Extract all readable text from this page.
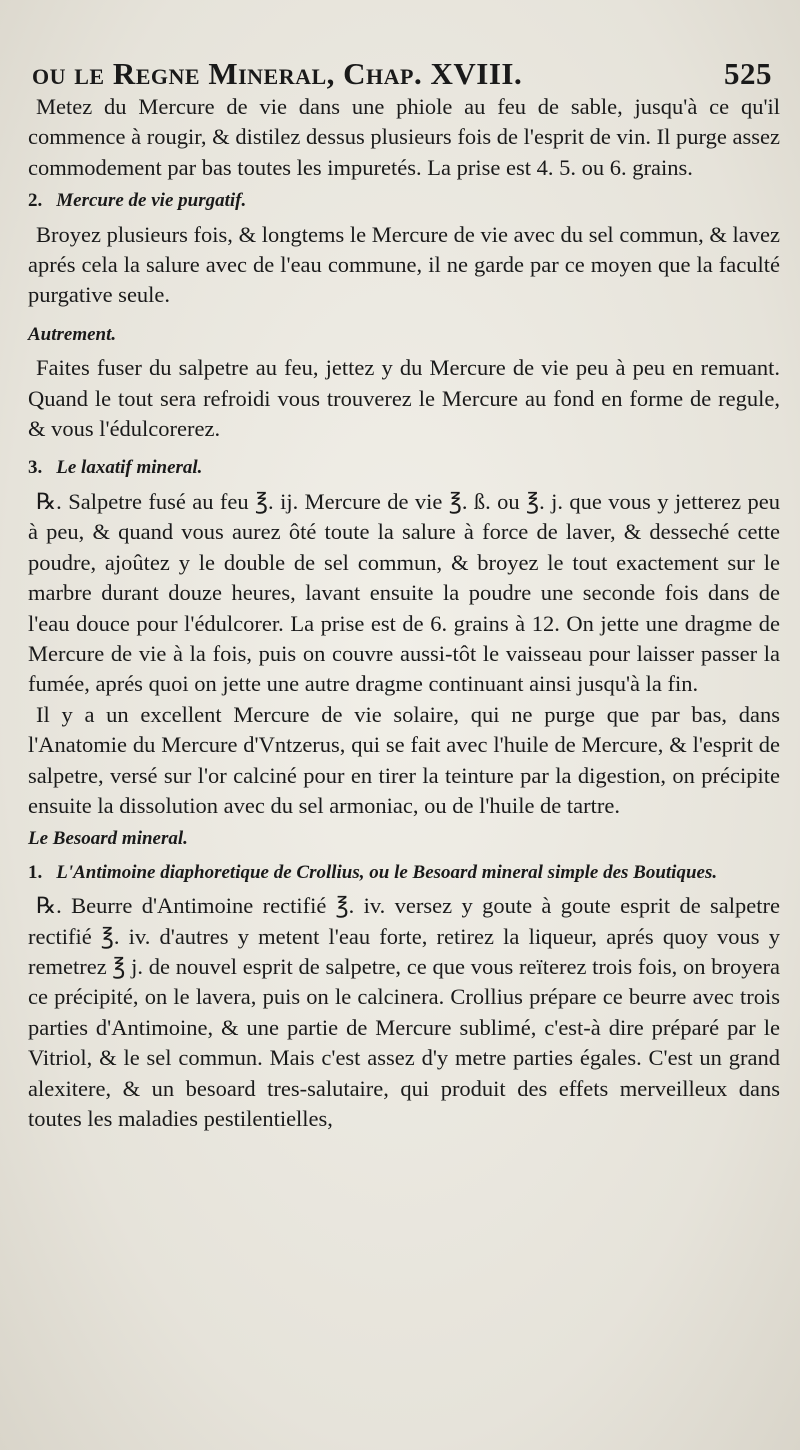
ou le Regne Mineral, Chap. XVIII.	525

Metez du Mercure de vie dans une phiole au feu de sable, jusqu'à ce qu'il commence à rougir, & distilez dessus plusieurs fois de l'esprit de vin. Il purge assez commodement par bas toutes les impuretés. La prise est 4. 5. ou 6. grains.

2. Mercure de vie purgatif.

Broyez plusieurs fois, & longtems le Mercure de vie avec du sel commun, & lavez aprés cela la salure avec de l'eau commune, il ne garde par ce moyen que la faculté purgative seule.

Autrement.

Faites fuser du salpetre au feu, jettez y du Mercure de vie peu à peu en remuant. Quand le tout sera refroidi vous trouverez le Mercure au fond en forme de regule, & vous l'édulcorerez.

3. Le laxatif mineral.

℞. Salpetre fusé au feu ℥. ij. Mercure de vie ℥. ß. ou ℥. j. que vous y jetterez peu à peu, & quand vous aurez ôté toute la salure à force de laver, & desseché cette poudre, ajoûtez y le double de sel commun, & broyez le tout exactement sur le marbre durant douze heures, lavant ensuite la poudre une seconde fois dans de l'eau douce pour l'édulcorer. La prise est de 6. grains à 12. On jette une dragme de Mercure de vie à la fois, puis on couvre aussi-tôt le vaisseau pour laisser passer la fumée, aprés quoi on jette une autre dragme continuant ainsi jusqu'à la fin.

Il y a un excellent Mercure de vie solaire, qui ne purge que par bas, dans l'Anatomie du Mercure d'Vntzerus, qui se fait avec l'huile de Mercure, & l'esprit de salpetre, versé sur l'or calciné pour en tirer la teinture par la digestion, on précipite ensuite la dissolution avec du sel armoniac, ou de l'huile de tartre.

Le Besoard mineral.
1. L'Antimoine diaphoretique de Crollius, ou le Besoard mineral simple des Boutiques.

℞. Beurre d'Antimoine rectifié ℥. iv. versez y goute à goute esprit de salpetre rectifié ℥. iv. d'autres y metent l'eau forte, retirez la liqueur, aprés quoy vous y remetrez ℥ j. de nouvel esprit de salpetre, ce que vous reïterez trois fois, on broyera ce précipité, on le lavera, puis on le calcinera. Crollius prépare ce beurre avec trois parties d'Antimoine, & une partie de Mercure sublimé, c'est-à dire préparé par le Vitriol, & le sel commun. Mais c'est assez d'y metre parties égales. C'est un grand alexitere, & un besoard tres-salutaire, qui produit des effets merveilleux dans toutes les maladies pestilentielles,
